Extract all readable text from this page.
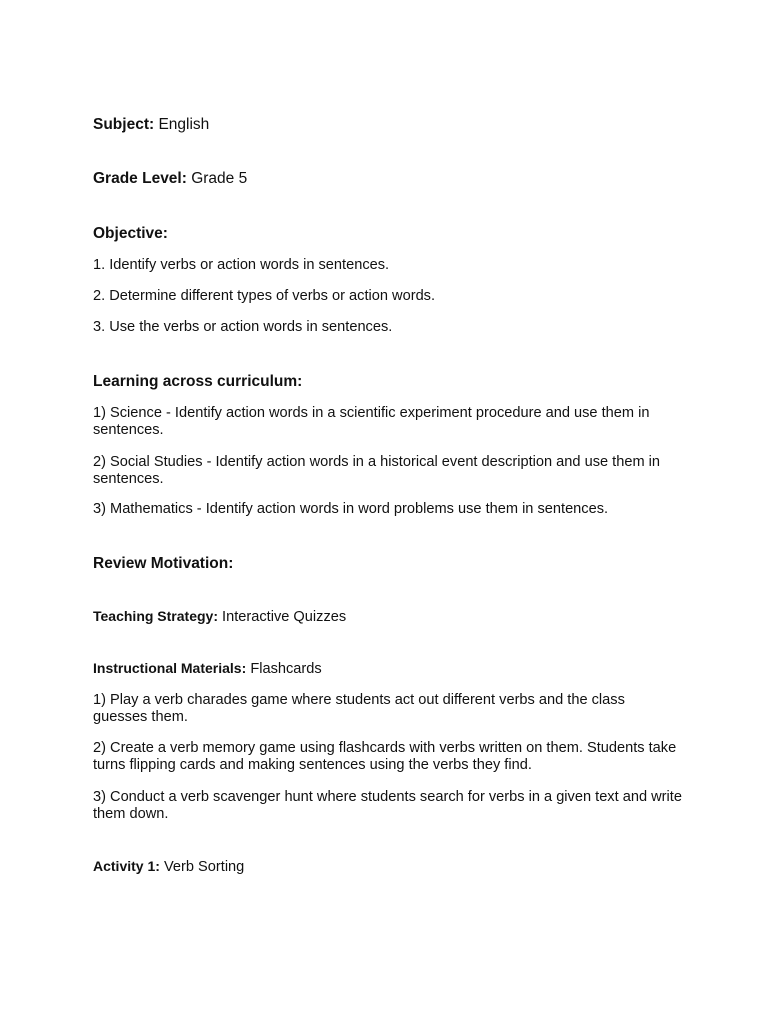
Subject: English

Grade Level: Grade 5

Objective:

1. Identify verbs or action words in sentences.

2. Determine different types of verbs or action words.

3. Use the verbs or action words in sentences.

Learning across curriculum:

1) Science - Identify action words in a scientific experiment procedure and use them in sentences.

2) Social Studies - Identify action words in a historical event description and use them in sentences.

3) Mathematics - Identify action words in word problems use them in sentences.

Review Motivation:

Teaching Strategy: Interactive Quizzes

Instructional Materials: Flashcards

1) Play a verb charades game where students act out different verbs and the class guesses them.

2) Create a verb memory game using flashcards with verbs written on them. Students take turns flipping cards and making sentences using the verbs they find.

3) Conduct a verb scavenger hunt where students search for verbs in a given text and write them down.

Activity 1: Verb Sorting
